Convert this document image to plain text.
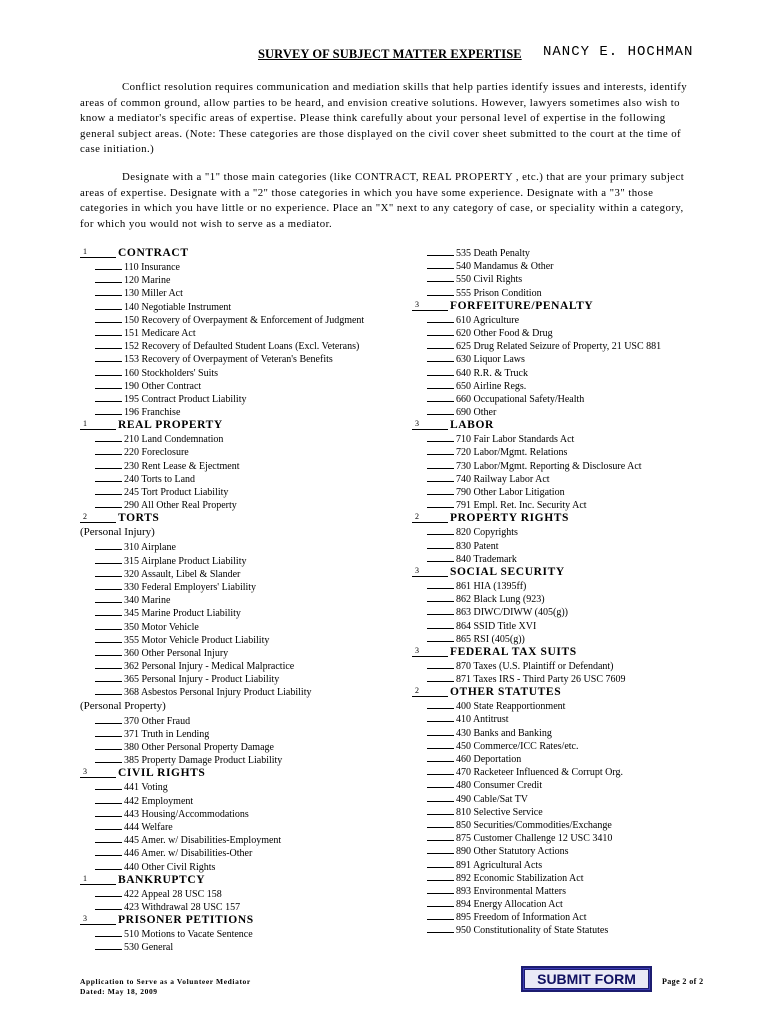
SURVEY OF SUBJECT MATTER EXPERTISE NANCY E. HOCHMAN

Conflict resolution requires communication and mediation skills that help parties identify issues and interests, identify areas of common ground, allow parties to be heard, and envision creative solutions. However, lawyers sometimes also wish to know a mediator's specific areas of expertise. Please think carefully about your personal level of expertise in the following general subject areas. (Note: These categories are those displayed on the civil cover sheet submitted to the court at the time of case initiation.)

Designate with a "1" those main categories (like CONTRACT, REAL PROPERTY , etc.) that are your primary subject areas of expertise. Designate with a "2" those categories in which you have some experience. Designate with a "3" those categories in which you have little or no experience. Place an "X" next to any category of case, or speciality within a category, for which you would not wish to serve as a mediator.

1	CONTRACT
110 Insurance
120 Marine
130 Miller Act
140 Negotiable Instrument
150 Recovery of Overpayment & Enforcement of Judgment
151 Medicare Act
152 Recovery of Defaulted Student Loans (Excl. Veterans)
153 Recovery of Overpayment of Veteran's Benefits
160 Stockholders' Suits
190 Other Contract
195 Contract Product Liability
196 Franchise
1	REAL PROPERTY
210 Land Condemnation
220 Foreclosure
230 Rent Lease & Ejectment
240 Torts to Land
245 Tort Product Liability
290 All Other Real Property
2	TORTS
(Personal Injury)
310 Airplane
315 Airplane Product Liability
320 Assault, Libel & Slander
330 Federal Employers' Liability
340 Marine
345 Marine Product Liability
350 Motor Vehicle
355 Motor Vehicle Product Liability
360 Other Personal Injury
362 Personal Injury - Medical Malpractice
365 Personal Injury - Product Liability
368 Asbestos Personal Injury Product Liability
(Personal Property)
370 Other Fraud
371 Truth in Lending
380 Other Personal Property Damage
385 Property Damage Product Liability
3	CIVIL RIGHTS
441 Voting
442 Employment
443 Housing/Accommodations
444 Welfare
445 Amer. w/ Disabilities-Employment
446 Amer. w/ Disabilities-Other
440 Other Civil Rights
1	BANKRUPTCY
422 Appeal 28 USC 158
423 Withdrawal 28 USC 157
3	PRISONER PETITIONS
510 Motions to Vacate Sentence
530 General
535 Death Penalty
540 Mandamus & Other
550 Civil Rights
555 Prison Condition
3	FORFEITURE/PENALTY
610 Agriculture
620 Other Food & Drug
625 Drug Related Seizure of Property, 21 USC 881
630 Liquor Laws
640 R.R. & Truck
650 Airline Regs.
660 Occupational Safety/Health
690 Other
3	LABOR
710 Fair Labor Standards Act
720 Labor/Mgmt. Relations
730 Labor/Mgmt. Reporting & Disclosure Act
740 Railway Labor Act
790 Other Labor Litigation
791 Empl. Ret. Inc. Security Act
2	PROPERTY RIGHTS
820 Copyrights
830 Patent
840 Trademark
3	SOCIAL SECURITY
861 HIA (1395ff)
862 Black Lung (923)
863 DIWC/DIWW (405(g))
864 SSID Title XVI
865 RSI (405(g))
3	FEDERAL TAX SUITS
870 Taxes (U.S. Plaintiff or Defendant)
871 Taxes IRS - Third Party 26 USC 7609
2	OTHER STATUTES
400 State Reapportionment
410 Antitrust
430 Banks and Banking
450 Commerce/ICC Rates/etc.
460 Deportation
470 Racketeer Influenced & Corrupt Org.
480 Consumer Credit
490 Cable/Sat TV
810 Selective Service
850 Securities/Commodities/Exchange
875 Customer Challenge 12 USC 3410
890 Other Statutory Actions
891 Agricultural Acts
892 Economic Stabilization Act
893 Environmental Matters
894 Energy Allocation Act
895 Freedom of Information Act
950 Constitutionality of State Statutes
Application to Serve as a Volunteer Mediator
Dated: May 18, 2009
SUBMIT FORM	Page 2 of 2
